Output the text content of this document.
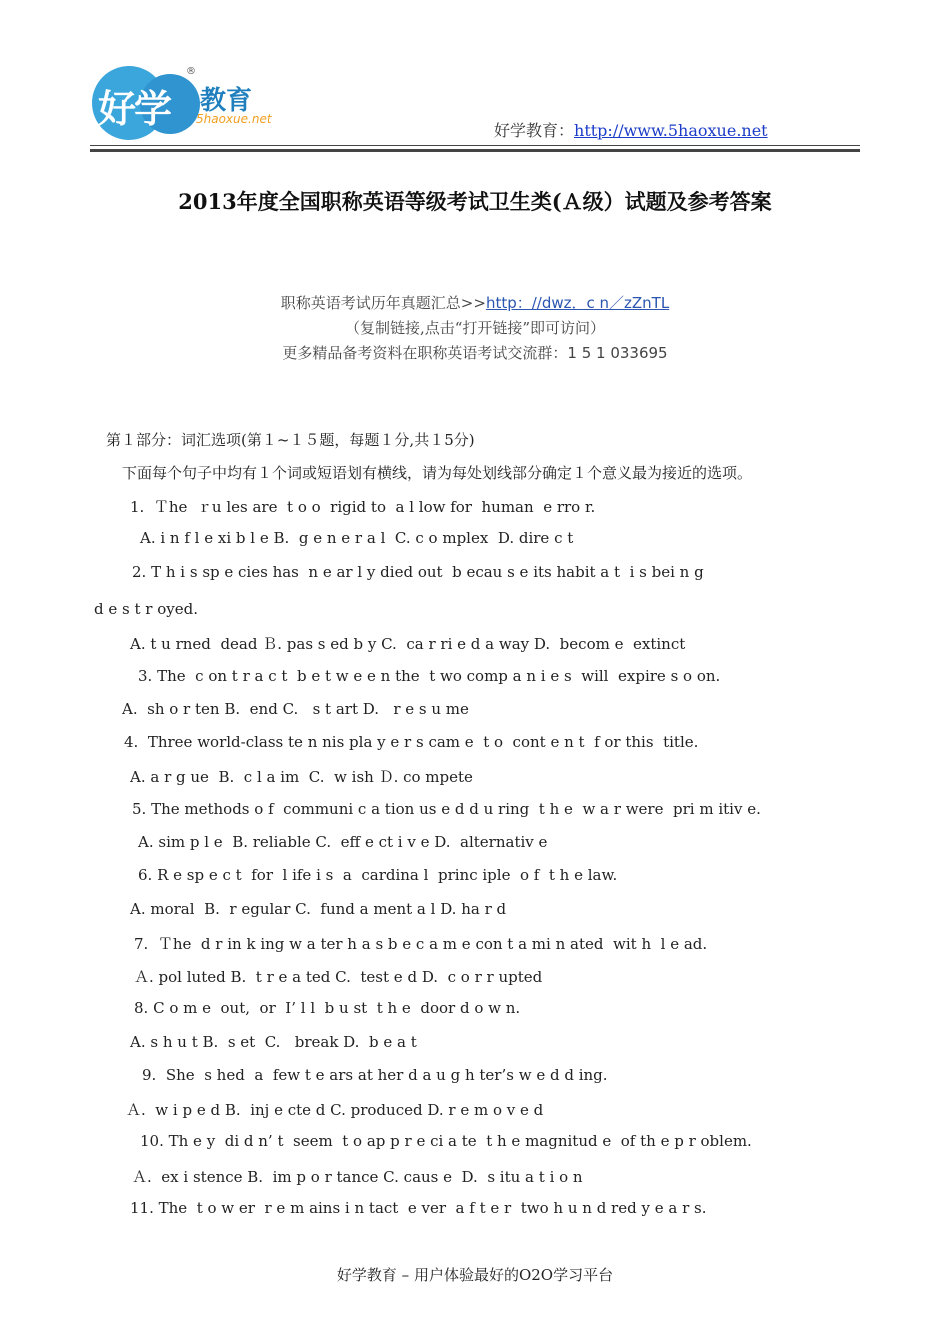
好学
®
教育
5haoxue.net
好学教育：http://www.5haoxue.net
2013年度全国职称英语等级考试卫生类(Ａ级）试题及参考答案
职称英语考试历年真题汇总>>http：//dwz．c n／zZnTL
（复制链接,点击“打开链接”即可访问）
更多精品备考资料在职称英语考试交流群：1 5 1 033695
第１部分：词汇选项(第１~１５题，每题１分,共１5分)
下面每个句子中均有１个词或短语划有横线，请为每处划线部分确定１个意义最为接近的选项。
1.  Ｔhe  ｒu les are  t o o  rigid to  a l low for  human  e rro r.
A. i n f l e xi b l e B.  g e n e r a l  C. c o mplex  D. dire c t
2. T h i s sp e cies has  n e ar l y died out  b ecau s e its habit a t  i s bei n g
d e s t r oyed.
A. t u rned  dead Ｂ. pas s ed b y C.  ca r ri e d a way D.  becom e  extinct
3. The  c on t r a c t  b e t w e e n the  t wo comp a n i e s  will  expire s o on.
A.  sh o r ten B.  end C.   s t art D.   r e s u me
4.  Three world-class te n nis pla y e r s cam e  t o  cont e n t  f or this  title.
A. a r g ue  B.  c l a im  C.  w ish Ｄ. co mpete
5. The methods o f  communi c a tion us e d d u ring  t h e  w a r were  pri m itiv e.
A. sim p l e  B. reliable C.  eff e ct i v e D.  alternativ e
6. R e sp e c t  for  l ife i s  a  cardina l  princ iple  o f  t h e law.
A. moral  B.  r egular C.  fund a ment a l D. ha r d
7.  Ｔhe  d r in k ing w a ter h a s b e c a m e con t a mi n ated  wit h  l e ad.
Ａ. pol luted B.  t r e a ted C.  test e d D.  c o r r upted
8. C o m e  out,  or  I’ l l  b u st  t h e  door d o w n.
A. s h u t B.  s et  C.   break D.  b e a t
9.  She  s hed  a  few t e ars at her d a u g h ter’s w e d d ing.
Ａ.  w i p e d B.  inj e cte d C. produced D. r e m o v e d
10. Th e y  di d n’ t  seem  t o ap p r e ci a te  t h e magnitud e  of th e p r oblem.
Ａ.  ex i stence B.  im p o r tance C. caus e  D.  s itu a t i o n
11. The  t o w er  r e m ains i n tact  e ver  a f t e r  two h u n d red y e a r s.
好学教育 – 用户体验最好的O2O学习平台
